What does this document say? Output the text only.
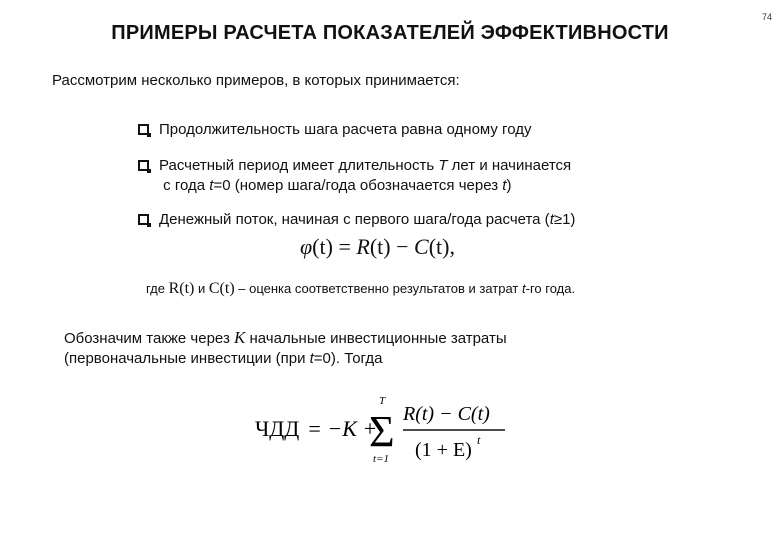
74
ПРИМЕРЫ РАСЧЕТА ПОКАЗАТЕЛЕЙ ЭФФЕКТИВНОСТИ
Рассмотрим несколько примеров, в которых принимается:
Продолжительность шага расчета равна одному году
Расчетный период имеет длительность T лет и начинается
с года t=0 (номер шага/года обозначается через t)
Денежный поток, начиная с первого шага/года расчета (t≥1)
φ(t) = R(t) − C(t),
где R(t) и C(t) – оценка соответственно результатов и затрат t-го года.
Обозначим также через K начальные инвестиционные затраты
(первоначальные инвестиции (при t=0). Тогда
ЧДД = −K +
T
Σ
t=1
R(t) − C(t)
(1 + E) t
